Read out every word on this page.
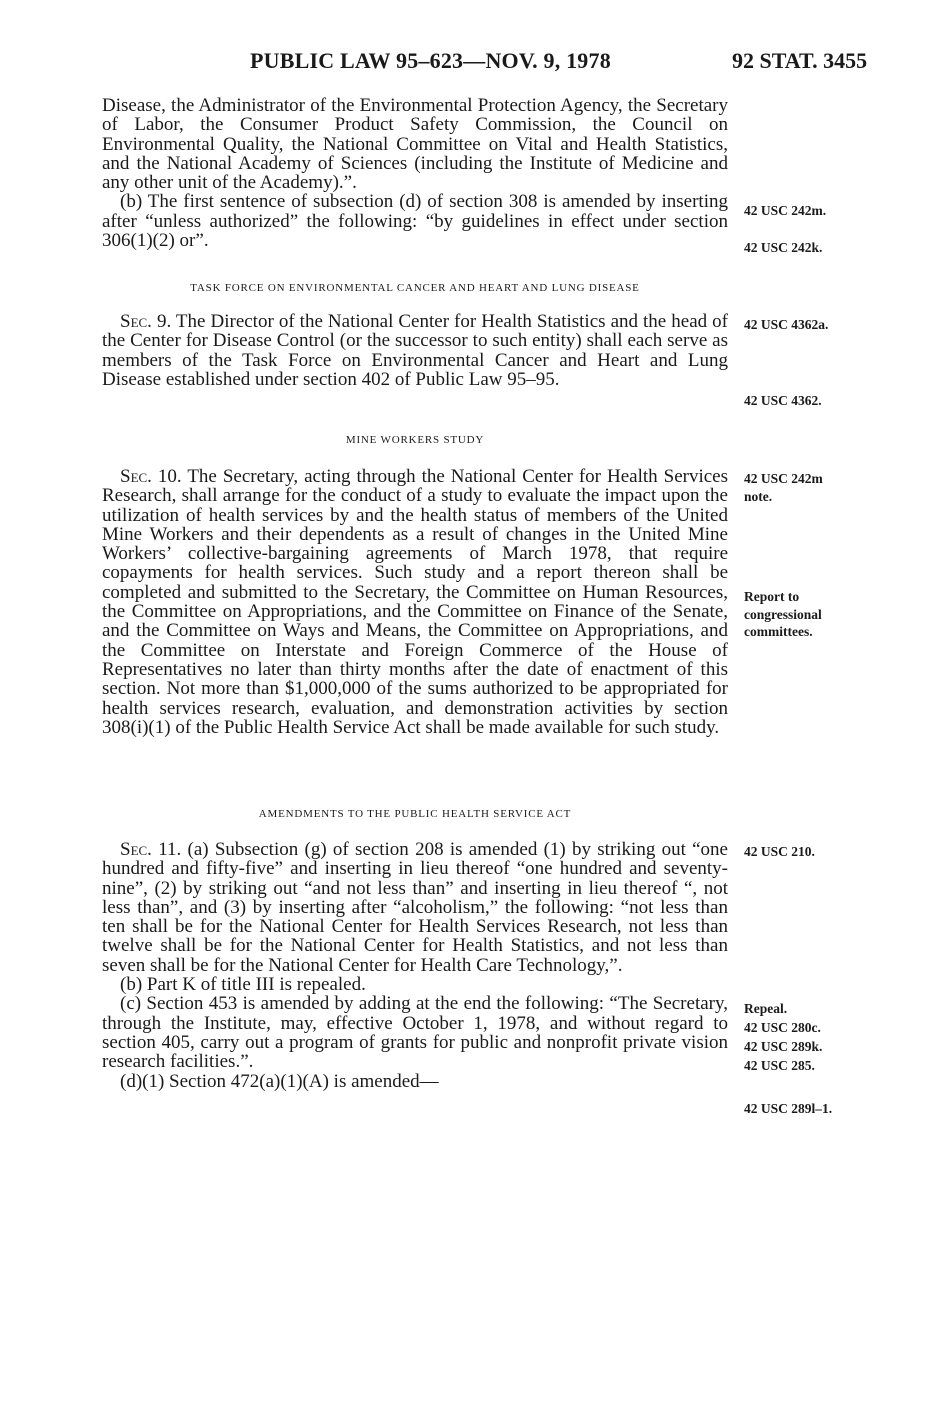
PUBLIC LAW 95–623—NOV. 9, 1978	92 STAT. 3455

Disease, the Administrator of the Environmental Protection Agency, the Secretary of Labor, the Consumer Product Safety Commission, the Council on Environmental Quality, the National Committee on Vital and Health Statistics, and the National Academy of Sciences (including the Institute of Medicine and any other unit of the Academy).”.

(b) The first sentence of subsection (d) of section 308 is amended by inserting after “unless authorized” the following: “by guidelines in effect under section 306(1)(2) or”.

TASK FORCE ON ENVIRONMENTAL CANCER AND HEART AND LUNG DISEASE

Sec. 9. The Director of the National Center for Health Statistics and the head of the Center for Disease Control (or the successor to such entity) shall each serve as members of the Task Force on Environmental Cancer and Heart and Lung Disease established under section 402 of Public Law 95–95.

MINE WORKERS STUDY

Sec. 10. The Secretary, acting through the National Center for Health Services Research, shall arrange for the conduct of a study to evaluate the impact upon the utilization of health services by and the health status of members of the United Mine Workers and their dependents as a result of changes in the United Mine Workers’ collective-bargaining agreements of March 1978, that require copayments for health services. Such study and a report thereon shall be completed and submitted to the Secretary, the Committee on Human Resources, the Committee on Appropriations, and the Committee on Finance of the Senate, and the Committee on Ways and Means, the Committee on Appropriations, and the Committee on Interstate and Foreign Commerce of the House of Representatives no later than thirty months after the date of enactment of this section. Not more than $1,000,000 of the sums authorized to be appropriated for health services research, evaluation, and demonstration activities by section 308(i)(1) of the Public Health Service Act shall be made available for such study.

AMENDMENTS TO THE PUBLIC HEALTH SERVICE ACT

Sec. 11. (a) Subsection (g) of section 208 is amended (1) by striking out “one hundred and fifty-five” and inserting in lieu thereof “one hundred and seventy-nine”, (2) by striking out “and not less than” and inserting in lieu thereof “, not less than”, and (3) by inserting after “alcoholism,” the following: “not less than ten shall be for the National Center for Health Services Research, not less than twelve shall be for the National Center for Health Statistics, and not less than seven shall be for the National Center for Health Care Technology,”.

(b) Part K of title III is repealed.

(c) Section 453 is amended by adding at the end the following: “The Secretary, through the Institute, may, effective October 1, 1978, and without regard to section 405, carry out a program of grants for public and nonprofit private vision research facilities.”.

(d)(1) Section 472(a)(1)(A) is amended—

42 USC 242m.
42 USC 242k.
42 USC 4362a.
42 USC 4362.
42 USC 242m
note.
Report to
congressional
committees.
42 USC 210.
Repeal.
42 USC 280c.
42 USC 289k.
42 USC 285.
42 USC 289l–1.
